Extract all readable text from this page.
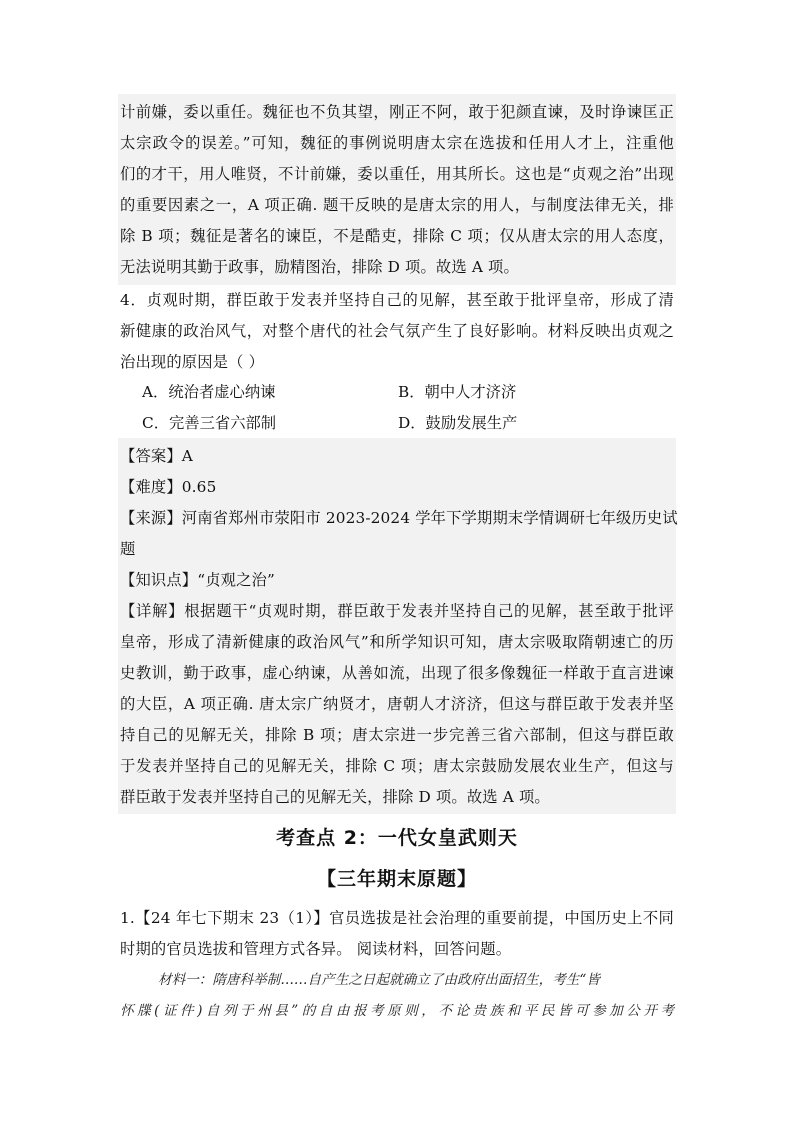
计前嫌，委以重任。魏征也不负其望，刚正不阿，敢于犯颜直谏，及时诤谏匡正
太宗政令的误差。”可知，魏征的事例说明唐太宗在选拔和任用人才上，注重他
们的才干，用人唯贤，不计前嫌，委以重任，用其所长。这也是“贞观之治”出现
的重要因素之一，A 项正确. 题干反映的是唐太宗的用人，与制度法律无关，排
除 B 项；魏征是著名的谏臣，不是酷吏，排除 C 项；仅从唐太宗的用人态度，
无法说明其勤于政事，励精图治，排除 D 项。故选 A 项。
4．贞观时期，群臣敢于发表并坚持自己的见解，甚至敢于批评皇帝，形成了清
新健康的政治风气，对整个唐代的社会气氛产生了良好影响。材料反映出贞观之
治出现的原因是（ ）
A．统治者虚心纳谏	B．朝中人才济济
C．完善三省六部制	D．鼓励发展生产
【答案】A
【难度】0.65
【来源】河南省郑州市荥阳市 2023-2024 学年下学期期末学情调研七年级历史试
题
【知识点】“贞观之治”
【详解】根据题干“贞观时期，群臣敢于发表并坚持自己的见解，甚至敢于批评
皇帝，形成了清新健康的政治风气”和所学知识可知，唐太宗吸取隋朝速亡的历
史教训，勤于政事，虚心纳谏，从善如流，出现了很多像魏征一样敢于直言进谏
的大臣，A 项正确. 唐太宗广纳贤才，唐朝人才济济，但这与群臣敢于发表并坚
持自己的见解无关，排除 B 项；唐太宗进一步完善三省六部制，但这与群臣敢
于发表并坚持自己的见解无关，排除 C 项；唐太宗鼓励发展农业生产，但这与
群臣敢于发表并坚持自己的见解无关，排除 D 项。故选 A 项。
考查点 2：一代女皇武则天
【三年期末原题】
1.【24 年七下期末 23（1）】官员选拔是社会治理的重要前提，中国历史上不同
时期的官员选拔和管理方式各异。 阅读材料，回答问题。
材料一：隋唐科举制……自产生之日起就确立了由政府出面招生，考生“皆
怀牒(证件)自列于州县”的自由报考原则，不论贵族和平民皆可参加公开考
